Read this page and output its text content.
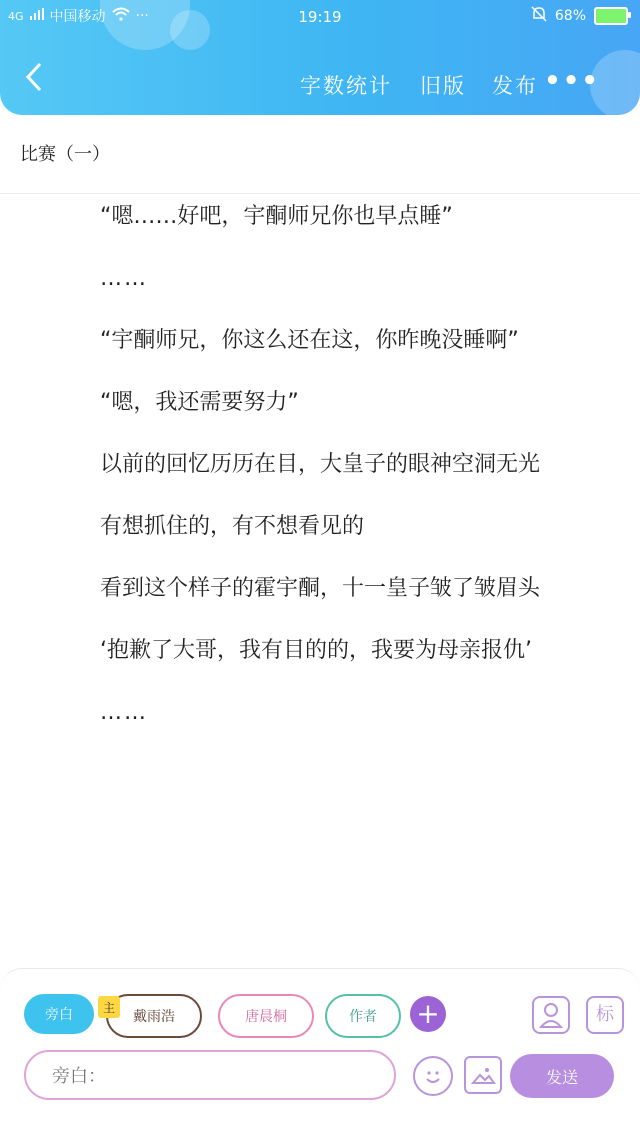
4G 中国移动 ···	19:19	68%
字数统计 旧版 发布 •••
比赛（一）

“嗯……好吧，宇酮师兄你也早点睡”

……

“宇酮师兄，你这么还在这，你昨晚没睡啊”

“嗯，我还需要努力”

以前的回忆历历在目，大皇子的眼神空洞无光

有想抓住的，有不想看见的

看到这个样子的霍宇酮，十一皇子皱了皱眉头

‘抱歉了大哥，我有目的的，我要为母亲报仇’

……

旁白	戴雨浩
主
唐晨桐	作者	+	标
旁白：	发送
